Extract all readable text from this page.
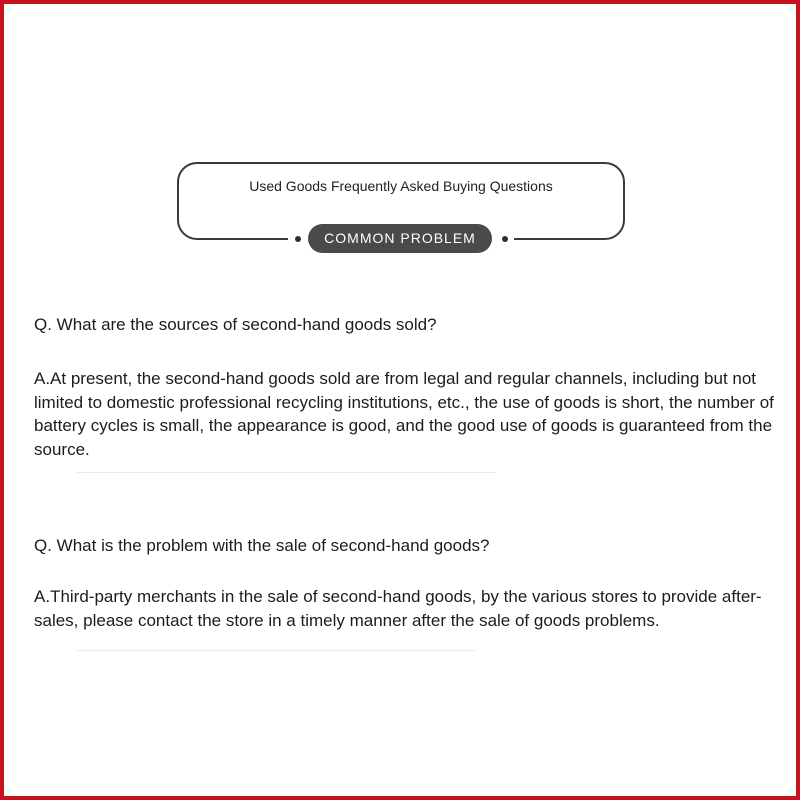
Used Goods Frequently Asked Buying Questions
COMMON PROBLEM
Q. What are the sources of second-hand goods sold?
A.At present, the second-hand goods sold are from legal and regular channels, including but not limited to domestic professional recycling institutions, etc., the use of goods is short, the number of battery cycles is small, the appearance is good, and the good use of goods is guaranteed from the source.
Q. What is the problem with the sale of second-hand goods?
A.Third-party merchants in the sale of second-hand goods, by the various stores to provide after-sales, please contact the store in a timely manner after the sale of goods problems.
